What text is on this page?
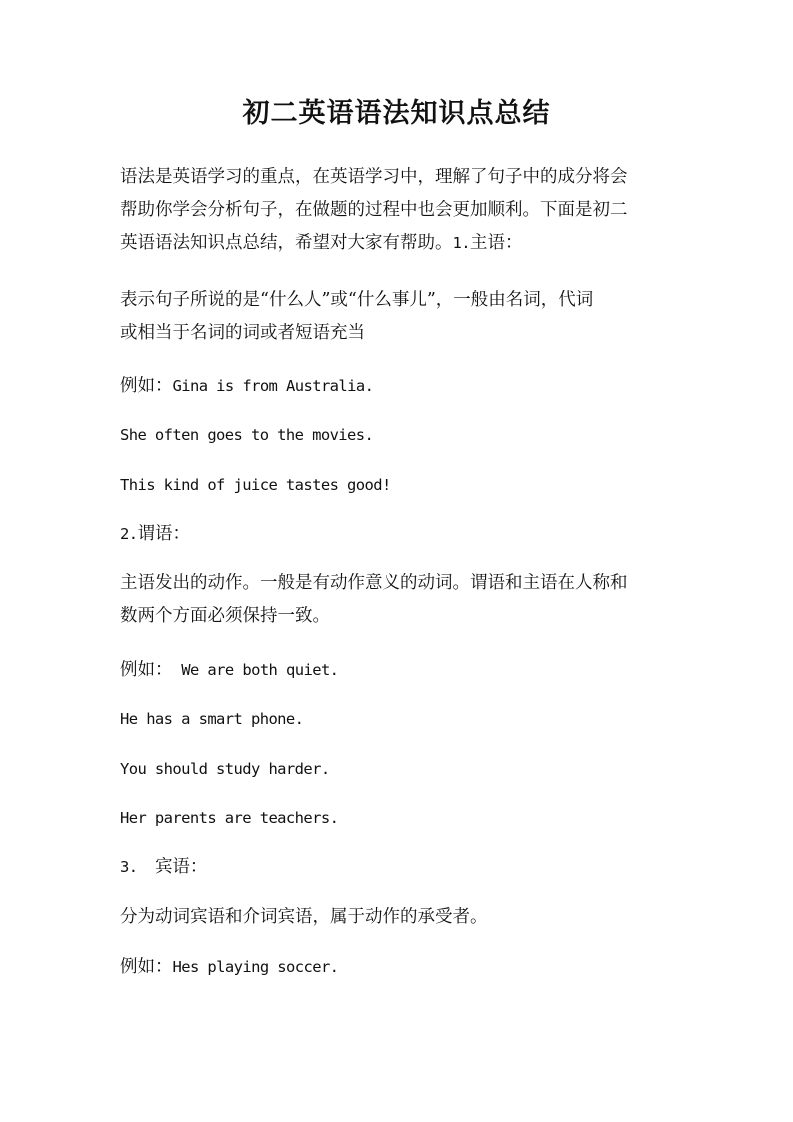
初二英语语法知识点总结

语法是英语学习的重点，在英语学习中，理解了句子中的成分将会
帮助你学会分析句子，在做题的过程中也会更加顺利。下面是初二
英语语法知识点总结，希望对大家有帮助。1.主语：

表示句子所说的是“什么人”或“什么事儿”，一般由名词，代词
或相当于名词的词或者短语充当

例如：Gina is from Australia.

She often goes to the movies.

This kind of juice tastes good!

2.谓语：

主语发出的动作。一般是有动作意义的动词。谓语和主语在人称和
数两个方面必须保持一致。

例如： We are both quiet.

He has a smart phone.

You should study harder.

Her parents are teachers.

3.  宾语：

分为动词宾语和介词宾语，属于动作的承受者。

例如：Hes playing soccer.
